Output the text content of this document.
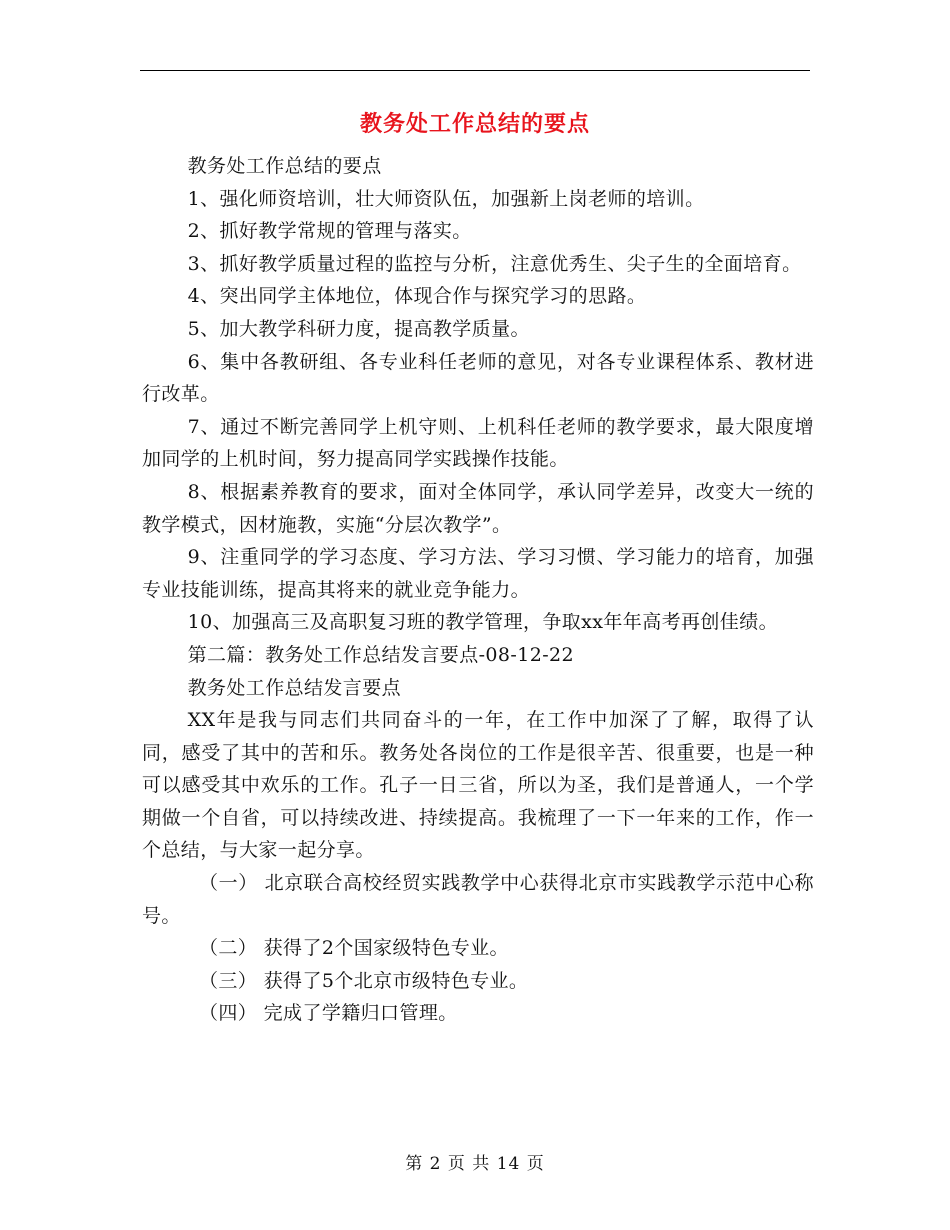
教务处工作总结的要点

教务处工作总结的要点

1、强化师资培训，壮大师资队伍，加强新上岗老师的培训。

2、抓好教学常规的管理与落实。

3、抓好教学质量过程的监控与分析，注意优秀生、尖子生的全面培育。

4、突出同学主体地位，体现合作与探究学习的思路。

5、加大教学科研力度，提高教学质量。

6、集中各教研组、各专业科任老师的意见，对各专业课程体系、教材进行改革。

7、通过不断完善同学上机守则、上机科任老师的教学要求，最大限度增加同学的上机时间，努力提高同学实践操作技能。

8、根据素养教育的要求，面对全体同学，承认同学差异，改变大一统的教学模式，因材施教，实施“分层次教学”。

9、注重同学的学习态度、学习方法、学习习惯、学习能力的培育，加强专业技能训练，提高其将来的就业竞争能力。

10、加强高三及高职复习班的教学管理，争取xx年年高考再创佳绩。

第二篇：教务处工作总结发言要点-08-12-22

教务处工作总结发言要点

XX年是我与同志们共同奋斗的一年，在工作中加深了了解，取得了认同，感受了其中的苦和乐。教务处各岗位的工作是很辛苦、很重要，也是一种可以感受其中欢乐的工作。孔子一日三省，所以为圣，我们是普通人，一个学期做一个自省，可以持续改进、持续提高。我梳理了一下一年来的工作，作一个总结，与大家一起分享。

（一） 北京联合高校经贸实践教学中心获得北京市实践教学示范中心称号。

（二） 获得了2个国家级特色专业。

（三） 获得了5个北京市级特色专业。

（四） 完成了学籍归口管理。

第 2 页 共 14 页
